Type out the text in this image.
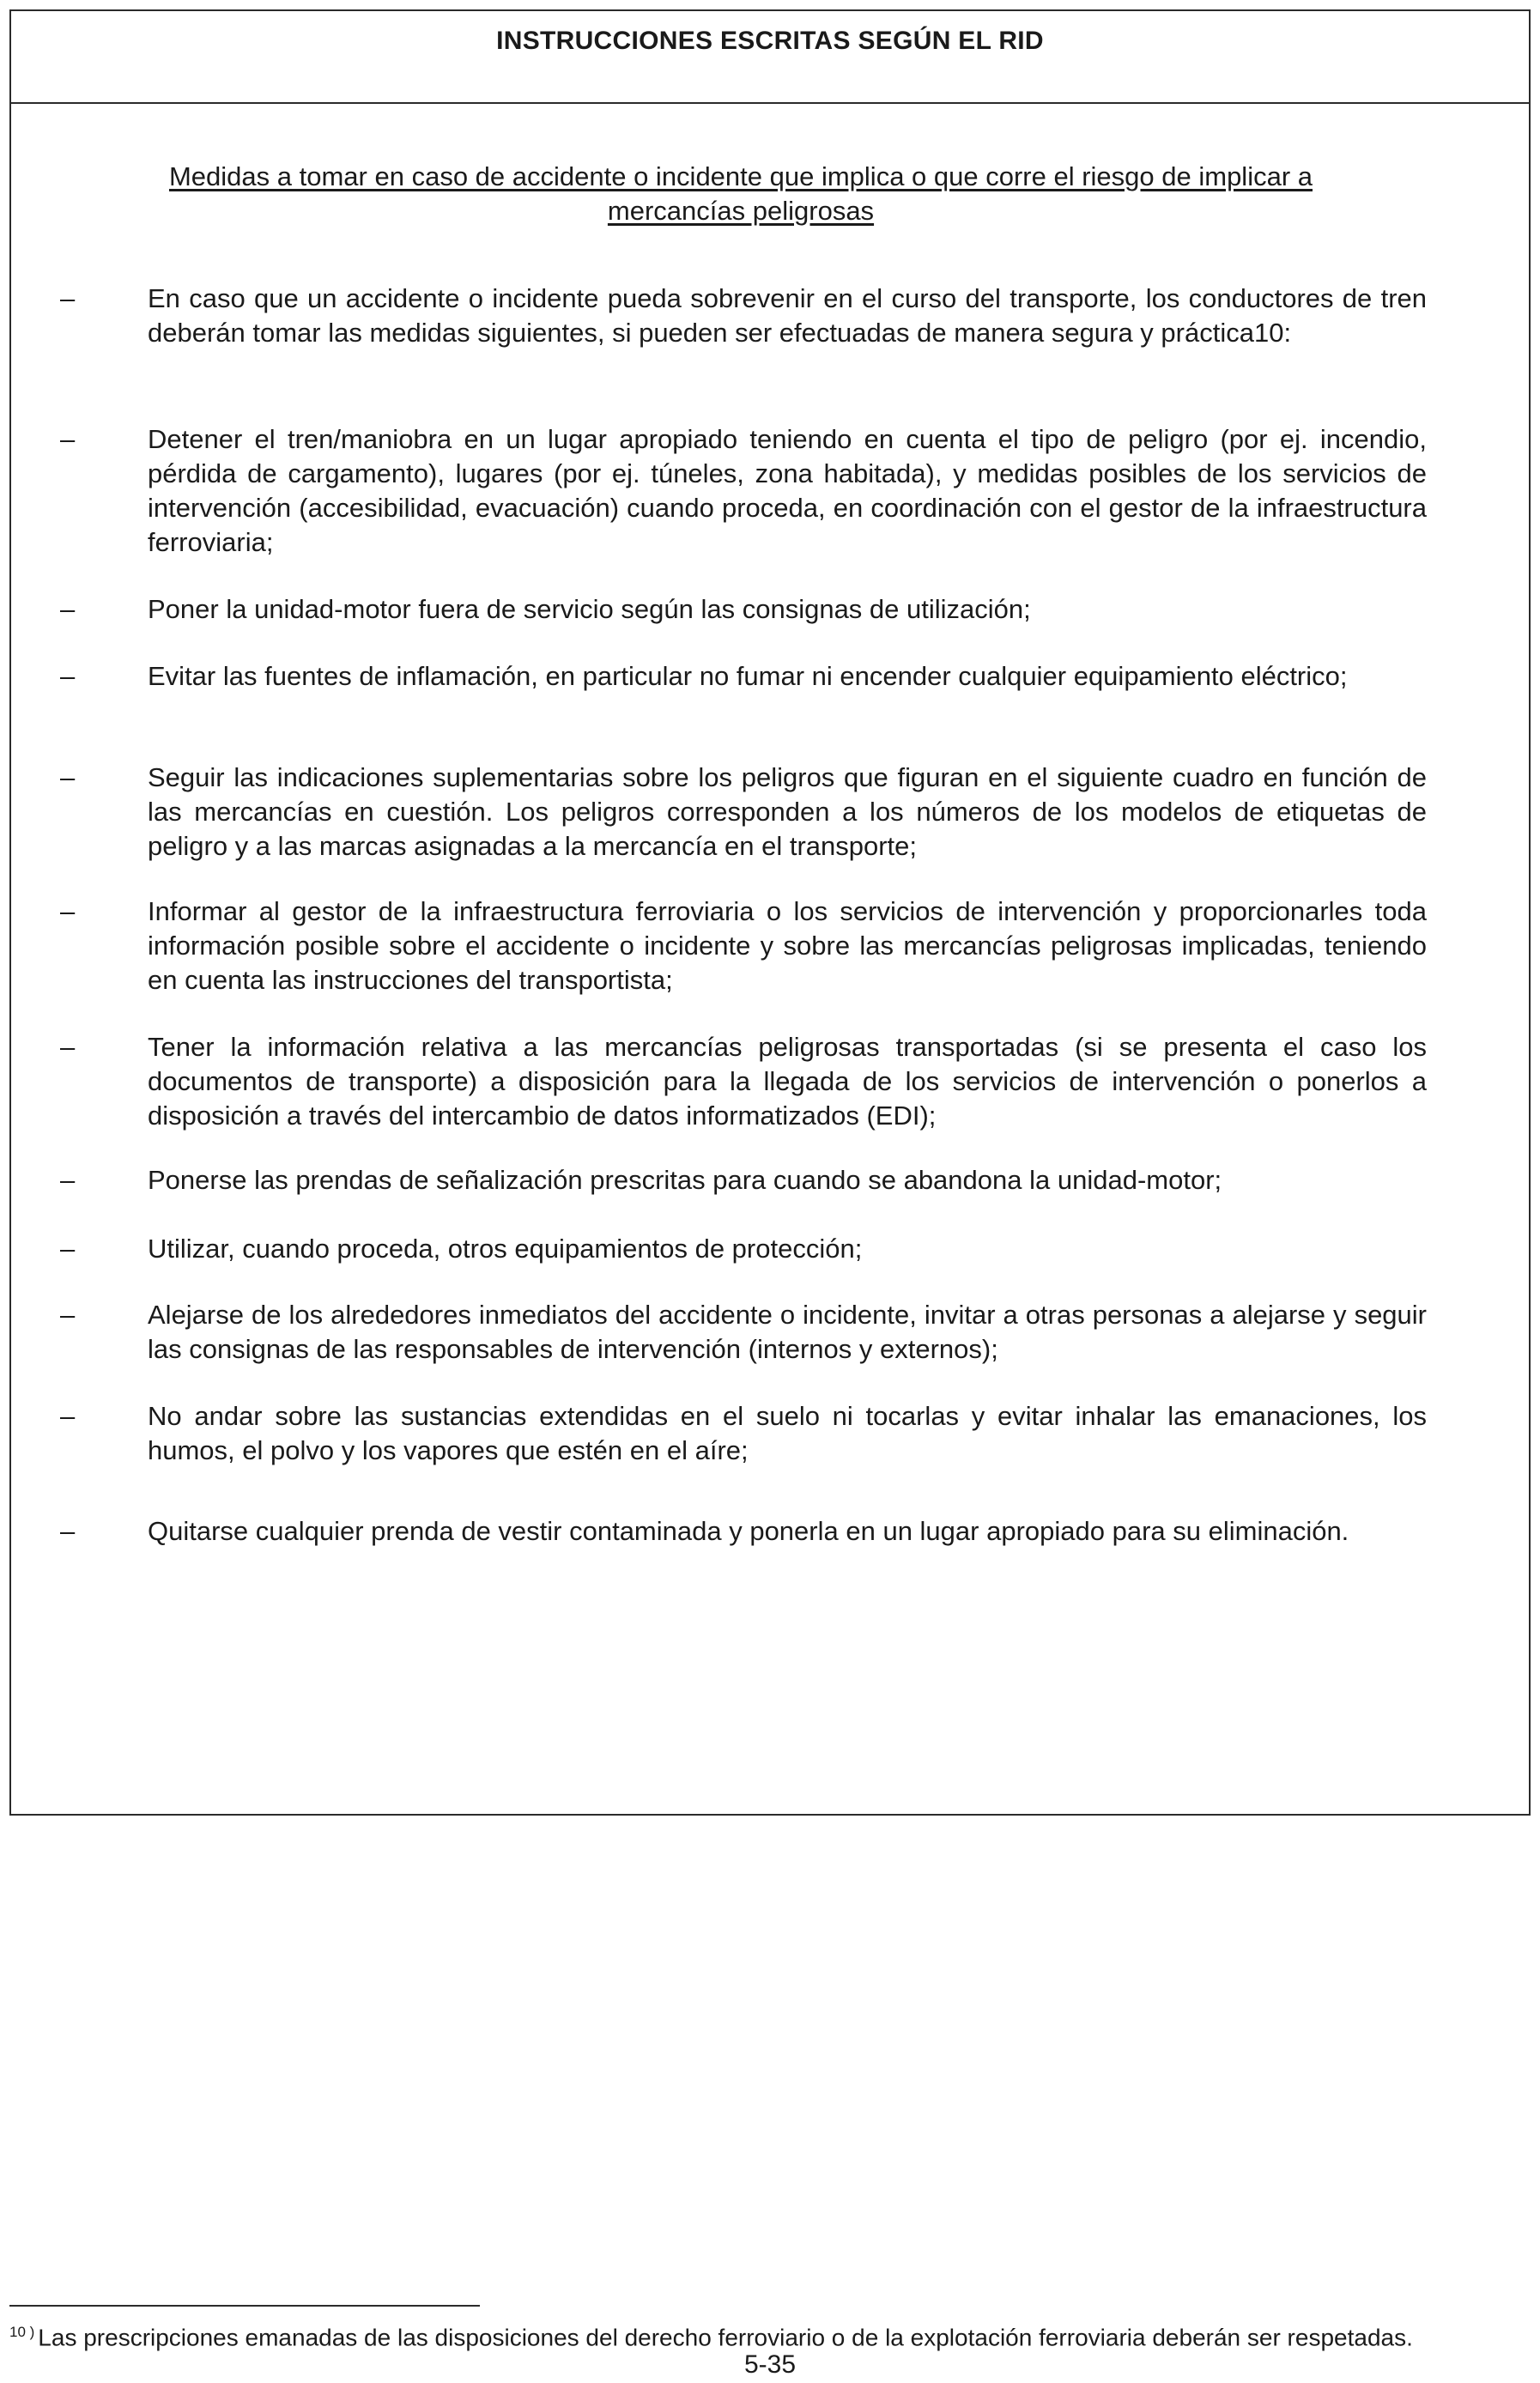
INSTRUCCIONES ESCRITAS SEGÚN EL RID
Medidas a tomar en caso de accidente o incidente que implica o que corre el riesgo de implicar a mercancías peligrosas
–	En caso que un accidente o incidente pueda sobrevenir en el curso del transporte, los conductores de tren deberán tomar las medidas siguientes, si pueden ser efectuadas de manera segura y práctica10:
–	Detener el tren/maniobra en un lugar apropiado teniendo en cuenta el tipo de peligro (por ej. incendio, pérdida de cargamento), lugares (por ej. túneles, zona habitada), y medidas posibles de los servicios de intervención (accesibilidad, evacuación) cuando proceda, en coordinación con el gestor de la infraestructura ferroviaria;
–	Poner la unidad-motor fuera de servicio según las consignas de utilización;
–	Evitar las fuentes de inflamación, en particular no fumar ni encender cualquier equipamiento eléctrico;
–	Seguir las indicaciones suplementarias sobre los peligros que figuran en el siguiente cuadro en función de las mercancías en cuestión. Los peligros corresponden a los números de los modelos de etiquetas de peligro y a las marcas asignadas a la mercancía en el transporte;
–	Informar al gestor de la infraestructura ferroviaria o los servicios de intervención y proporcionarles toda información posible sobre el accidente o incidente y sobre las mercancías peligrosas implicadas, teniendo en cuenta las instrucciones del transportista;
–	Tener la información relativa a las mercancías peligrosas transportadas (si se presenta el caso los documentos de transporte) a disposición para la llegada de los servicios de intervención o ponerlos a disposición a través del intercambio de datos informatizados (EDI);
–	Ponerse las prendas de señalización prescritas para cuando se abandona la unidad-motor;
–	Utilizar, cuando proceda, otros equipamientos de protección;
–	Alejarse de los alrededores inmediatos del accidente o incidente, invitar a otras personas a alejarse y seguir las consignas de las responsables de intervención (internos y externos);
–	No andar sobre las sustancias extendidas en el suelo ni tocarlas y evitar inhalar las emanaciones, los humos, el polvo y los vapores que estén en el aíre;
–	Quitarse cualquier prenda de vestir contaminada y ponerla en un lugar apropiado para su eliminación.
$^{10 )}$ Las prescripciones emanadas de las disposiciones del derecho ferroviario o de la explotación ferroviaria deberán ser respetadas.
5-35
